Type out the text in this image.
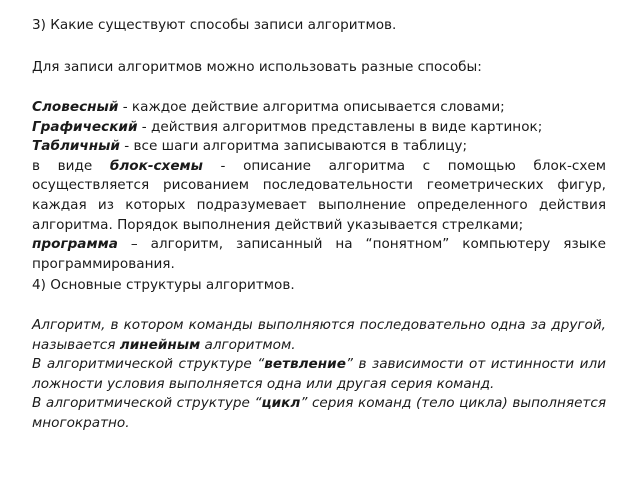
3) Какие существуют способы записи алгоритмов.
Для записи алгоритмов можно использовать разные способы:

Словесный - каждое действие алгоритма описывается словами;

Графический - действия алгоритмов представлены в виде картинок;

Табличный - все шаги алгоритма записываются в таблицу;

в виде блок-схемы - описание алгоритма с помощью блок-схем осуществляется рисованием последовательности геометрических фигур, каждая из которых подразумевает выполнение определенного действия алгоритма. Порядок выполнения действий указывается стрелками;

программа – алгоритм, записанный на “понятном” компьютеру языке программирования.

4) Основные структуры алгоритмов.

Алгоритм, в котором команды выполняются последовательно одна за другой, называется линейным алгоритмом.

В алгоритмической структуре “ветвление” в зависимости от истинности или ложности условия выполняется одна или другая серия команд.

В алгоритмической структуре “цикл” серия команд (тело цикла) выполняется многократно.
